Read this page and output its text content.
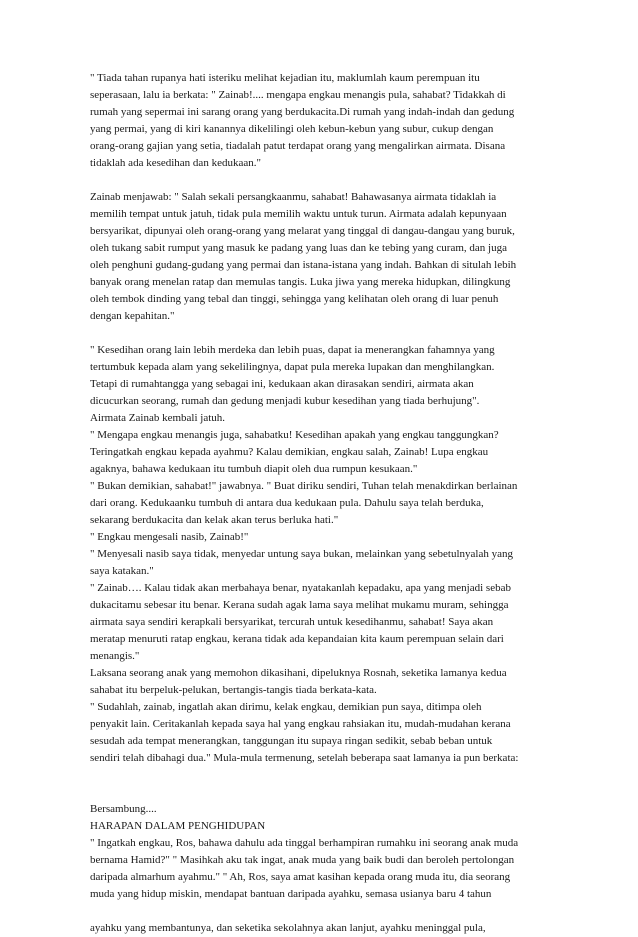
" Tiada tahan rupanya hati isteriku melihat kejadian itu, maklumlah kaum perempuan itu
seperasaan, lalu ia berkata: " Zainab!.... mengapa engkau menangis pula, sahabat? Tidakkah di
rumah yang sepermai ini sarang orang yang berdukacita.Di rumah yang indah-indah dan gedung
yang permai, yang di kiri kanannya dikelilingi oleh kebun-kebun yang subur, cukup dengan
orang-orang gajian yang setia, tiadalah patut terdapat orang yang mengalirkan airmata. Disana
tidaklah ada kesedihan dan kedukaan."

Zainab menjawab: " Salah sekali persangkaanmu, sahabat! Bahawasanya airmata tidaklah ia
memilih tempat untuk jatuh, tidak pula memilih waktu untuk turun. Airmata adalah kepunyaan
bersyarikat, dipunyai oleh orang-orang yang melarat yang tinggal di dangau-dangau yang buruk,
oleh tukang sabit rumput yang masuk ke padang yang luas dan ke tebing yang curam, dan juga
oleh penghuni gudang-gudang yang permai dan istana-istana yang indah. Bahkan di situlah lebih
banyak orang menelan ratap dan memulas tangis. Luka jiwa yang mereka hidupkan, dilingkung
oleh tembok dinding yang tebal dan tinggi, sehingga yang kelihatan oleh orang di luar penuh
dengan kepahitan."

" Kesedihan orang lain lebih merdeka dan lebih puas, dapat ia menerangkan fahamnya yang
tertumbuk kepada alam yang sekelilingnya, dapat pula mereka lupakan dan menghilangkan.
Tetapi di rumahtangga yang sebagai ini, kedukaan akan dirasakan sendiri, airmata akan
dicucurkan seorang, rumah dan gedung menjadi kubur kesedihan yang tiada berhujung".
Airmata Zainab kembali jatuh.
" Mengapa engkau menangis juga, sahabatku! Kesedihan apakah yang engkau tanggungkan?
Teringatkah engkau kepada ayahmu? Kalau demikian, engkau salah, Zainab! Lupa engkau
agaknya, bahawa kedukaan itu tumbuh diapit oleh dua rumpun kesukaan."
" Bukan demikian, sahabat!" jawabnya. " Buat diriku sendiri, Tuhan telah menakdirkan berlainan
dari orang. Kedukaanku tumbuh di antara dua kedukaan pula. Dahulu saya telah berduka,
sekarang berdukacita dan kelak akan terus berluka hati."
" Engkau mengesali nasib, Zainab!"
" Menyesali nasib saya tidak, menyedar untung saya bukan, melainkan yang sebetulnyalah yang
saya katakan."
" Zainab…. Kalau tidak akan merbahaya benar, nyatakanlah kepadaku, apa yang menjadi sebab
dukacitamu sebesar itu benar. Kerana sudah agak lama saya melihat mukamu muram, sehingga
airmata saya sendiri kerapkali bersyarikat, tercurah untuk kesedihanmu, sahabat! Saya akan
meratap menuruti ratap engkau, kerana tidak ada kepandaian kita kaum perempuan selain dari
menangis."
Laksana seorang anak yang memohon dikasihani, dipeluknya Rosnah, seketika lamanya kedua
sahabat itu berpeluk-pelukan, bertangis-tangis tiada berkata-kata.
" Sudahlah, zainab, ingatlah akan dirimu, kelak engkau, demikian pun saya, ditimpa oleh
penyakit lain. Ceritakanlah kepada saya hal yang engkau rahsiakan itu, mudah-mudahan kerana
sesudah ada tempat menerangkan, tanggungan itu supaya ringan sedikit, sebab beban untuk
sendiri telah dibahagi dua." Mula-mula termenung, setelah beberapa saat lamanya ia pun berkata:

Bersambung....
HARAPAN DALAM PENGHIDUPAN
" Ingatkah engkau, Ros, bahawa dahulu ada tinggal berhampiran rumahku ini seorang anak muda
bernama Hamid?" " Masihkah aku tak ingat, anak muda yang baik budi dan beroleh pertolongan
daripada almarhum ayahmu." " Ah, Ros, saya amat kasihan kepada orang muda itu, dia seorang
muda yang hidup miskin, mendapat bantuan daripada ayahku, semasa usianya baru 4 tahun

ayahku yang membantunya, dan seketika sekolahnya akan lanjut, ayahku meninggal pula,
